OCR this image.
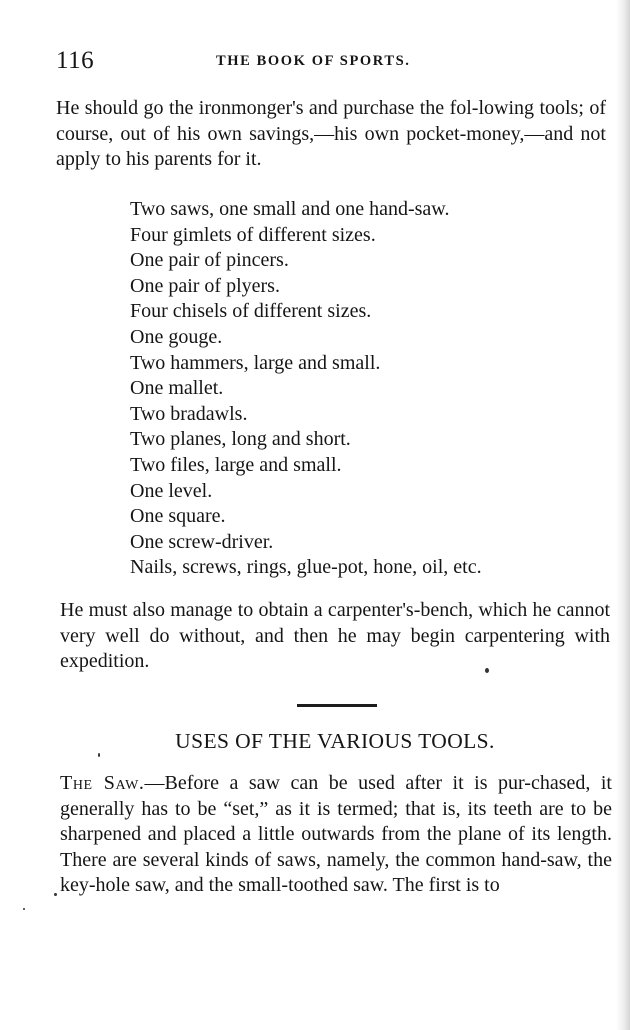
116	THE BOOK OF SPORTS.

He should go the ironmonger's and purchase the fol-lowing tools; of course, out of his own savings,—his own pocket-money,—and not apply to his parents for it.

Two saws, one small and one hand-saw.
Four gimlets of different sizes.
One pair of pincers.
One pair of plyers.
Four chisels of different sizes.
One gouge.
Two hammers, large and small.
One mallet.
Two bradawls.
Two planes, long and short.
Two files, large and small.
One level.
One square.
One screw-driver.
Nails, screws, rings, glue-pot, hone, oil, etc.

He must also manage to obtain a carpenter's-bench, which he cannot very well do without, and then he may begin carpentering with expedition.

USES OF THE VARIOUS TOOLS.

The Saw.—Before a saw can be used after it is pur-chased, it generally has to be “set,” as it is termed; that is, its teeth are to be sharpened and placed a little outwards from the plane of its length. There are several kinds of saws, namely, the common hand-saw, the key-hole saw, and the small-toothed saw. The first is to
